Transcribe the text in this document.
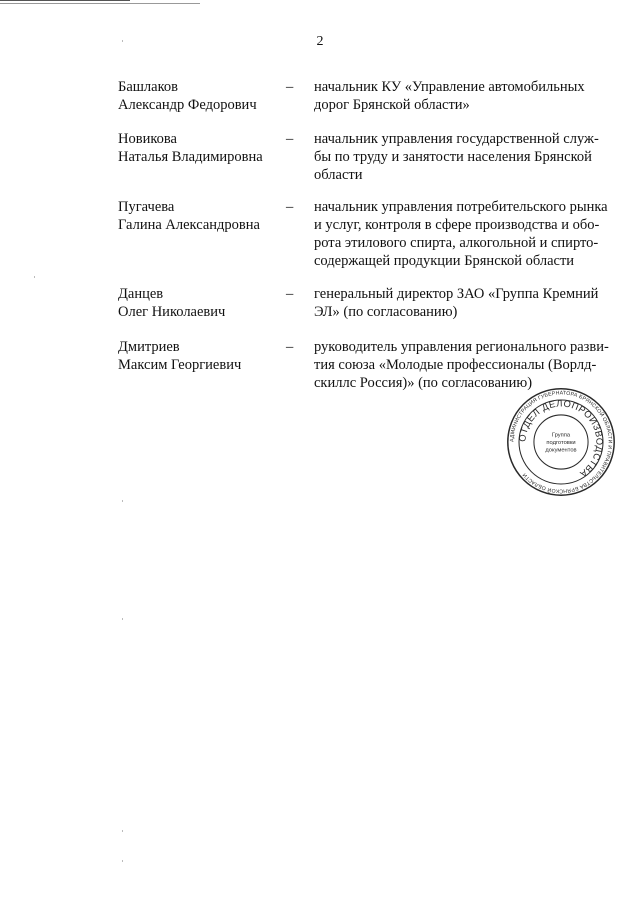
2
Башлаков
Александр Федорович
– начальник КУ «Управление автомобильных
дорог Брянской области»
Новикова
Наталья Владимировна
– начальник управления государственной служ-
бы по труду и занятости населения Брянской
области
Пугачева
Галина Александровна
– начальник управления потребительского рынка
и услуг, контроля в сфере производства и обо-
рота этилового спирта, алкогольной и спирто-
содержащей продукции Брянской области
Данцев
Олег Николаевич
– генеральный директор ЗАО «Группа Кремний
ЭЛ» (по согласованию)
Дмитриев
Максим Георгиевич
– руководитель управления регионального разви-
тия союза «Молодые профессионалы (Ворлд-
скиллс Россия)» (по согласованию)
АДМИНИСТРАЦИЯ ГУБЕРНАТОРА БРЯНСКОЙ ОБЛАСТИ И ПРАВИТЕЛЬСТВА БРЯНСКОЙ ОБЛАСТИ
ОТДЕЛ ДЕЛОПРОИЗВОДСТВА
Группа
подготовки
документов
